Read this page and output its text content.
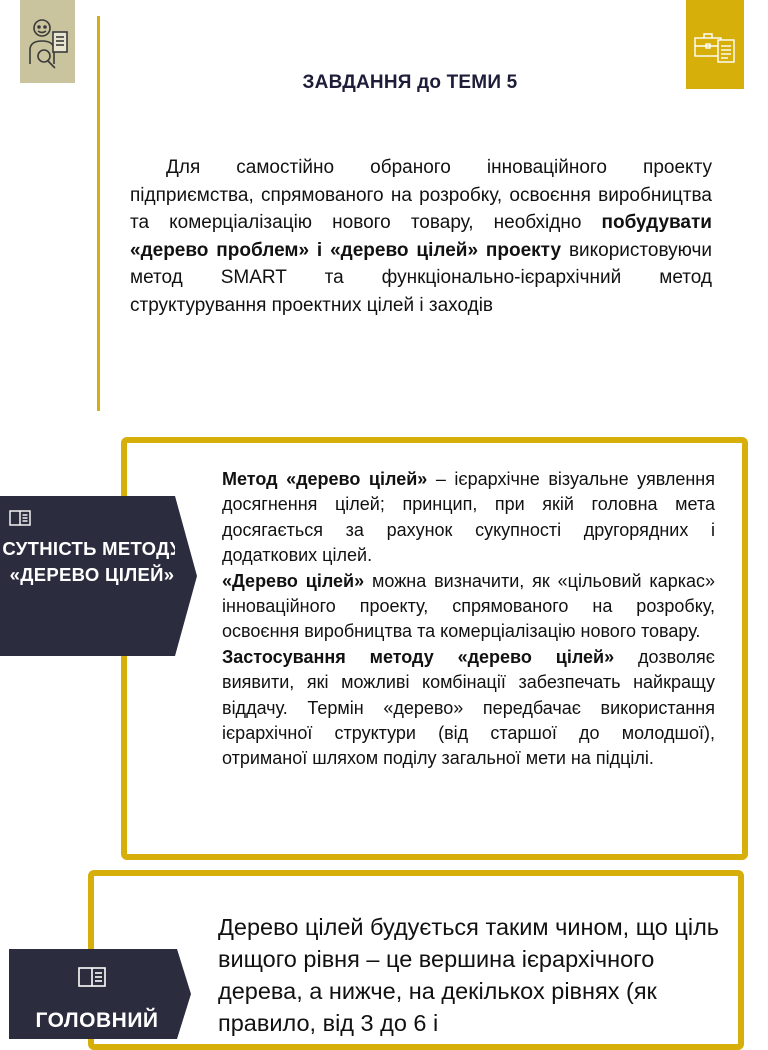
ЗАВДАННЯ до ТЕМИ 5
Для самостійно обраного інноваційного проекту підприємства, спрямованого на розробку, освоєння виробництва та комерціалізацію нового товару, необхідно побудувати «дерево проблем» і «дерево цілей» проекту використовуючи метод SMART та функціонально-ієрархічний метод структурування проектних цілей і заходів
СУТНІСТЬ МЕТОДУ «ДЕРЕВО ЦІЛЕЙ»

Метод «дерево цілей» – ієрархічне візуальне уявлення досягнення цілей; принцип, при якій головна мета досягається за рахунок сукупності другорядних і додаткових цілей.

«Дерево цілей» можна визначити, як «цільовий каркас» інноваційного проекту, спрямованого на розробку, освоєння виробництва та комерціалізацію нового товару.

Застосування методу «дерево цілей» дозволяє виявити, які можливі комбінації забезпечать найкращу віддачу. Термін «дерево» передбачає використання ієрархічної структури (від старшої до молодшої), отриманої шляхом поділу загальної мети на підцілі.

ГОЛОВНИЙ
Дерево цілей будується таким чином, що ціль вищого рівня – це вершина ієрархічного дерева, а нижче, на декількох рівнях (як правило, від 3 до 6 і
